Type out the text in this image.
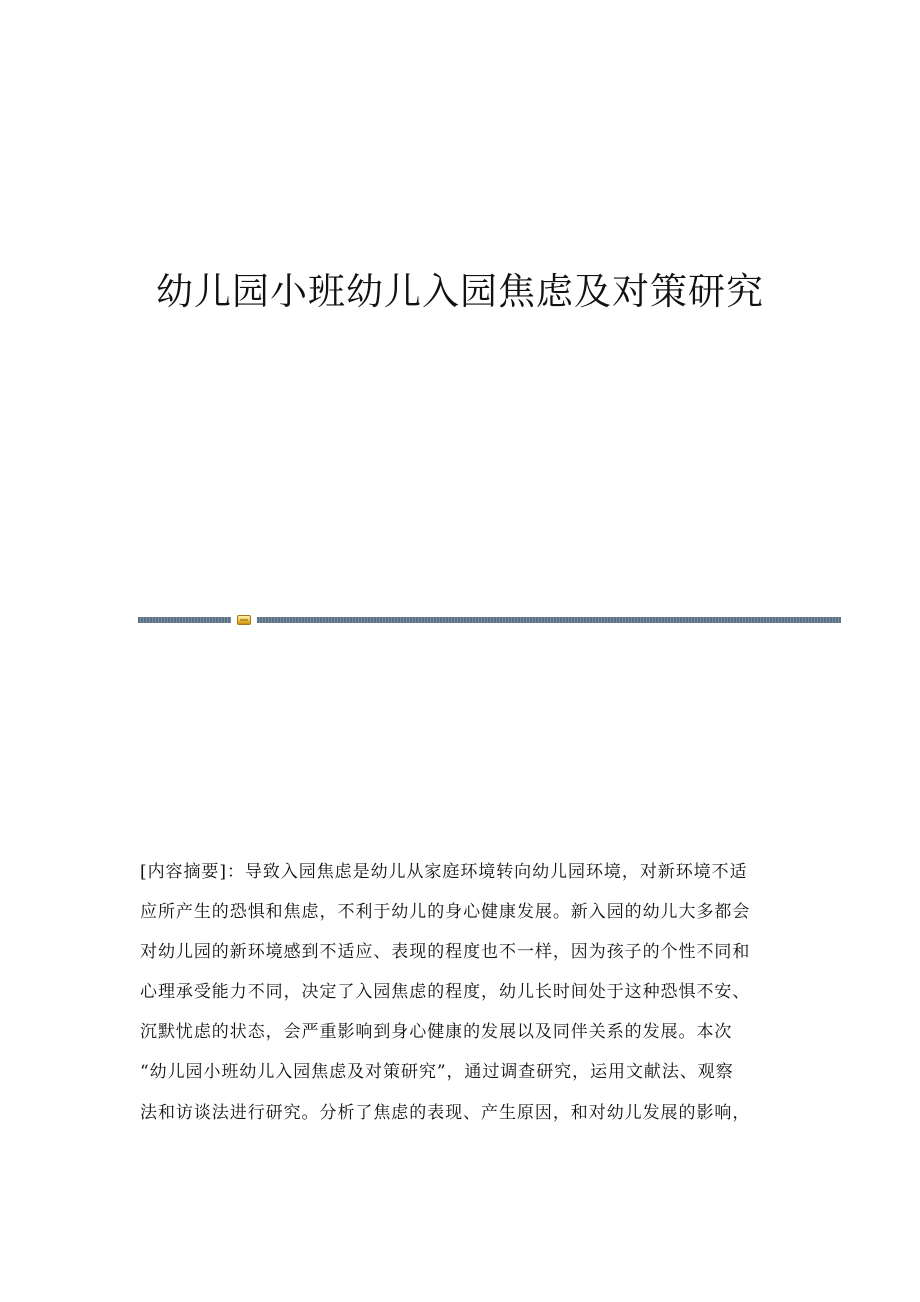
幼儿园小班幼儿入园焦虑及对策研究
[内容摘要]：导致入园焦虑是幼儿从家庭环境转向幼儿园环境，对新环境不适
应所产生的恐惧和焦虑，不利于幼儿的身心健康发展。新入园的幼儿大多都会
对幼儿园的新环境感到不适应、表现的程度也不一样，因为孩子的个性不同和
心理承受能力不同，决定了入园焦虑的程度，幼儿长时间处于这种恐惧不安、
沉默忧虑的状态，会严重影响到身心健康的发展以及同伴关系的发展。本次
“幼儿园小班幼儿入园焦虑及对策研究”，通过调查研究，运用文献法、观察
法和访谈法进行研究。分析了焦虑的表现、产生原因，和对幼儿发展的影响，
